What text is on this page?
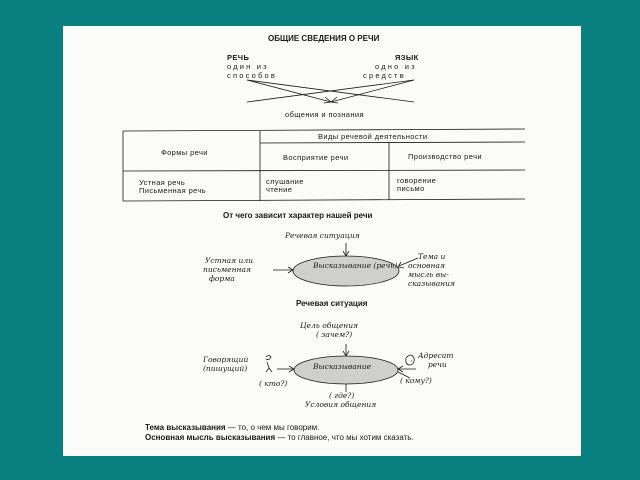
ОБЩИЕ СВЕДЕНИЯ О РЕЧИ
РЕЧЬ
один из
способов
ЯЗЫК
одно из
средств
общения и познания
Виды речевой деятельности
Формы речи
Восприятие речи	Производство речи
Устная речь
Письменная речь
слушание
чтение
говорение
письмо
От чего зависит характер нашей речи
Речевая ситуация
Высказывание (речь)
Устная или
письменная
форма
Тема и
основная
мысль вы-
сказывания
Речевая ситуация
Цель общения
( зачем?)
Высказывание
Говорящий
(пишущий)
( кто?)
Адресат
речи
( кому?)
( где?)
Условия общения
Тема высказывания — то, о чем мы говорим.
Основная мысль высказывания — то главное, что мы хотим сказать.
